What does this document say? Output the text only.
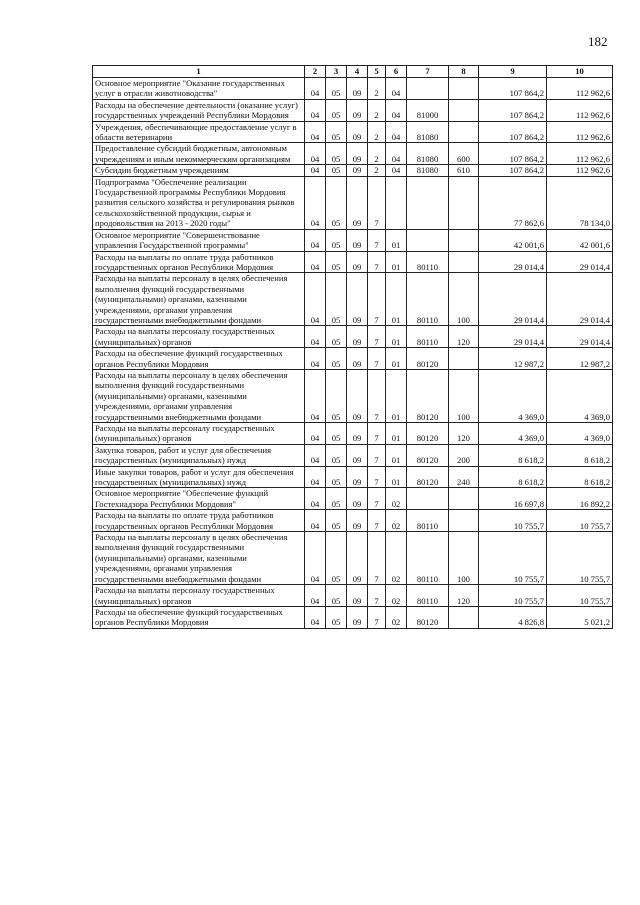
182
1	2	3	4	5	6	7	8	9	10
Основное мероприятие "Оказание государственных услуг в отрасли животноводства"	04	05	09	2	04			107 864,2	112 962,6
Расходы на обеспечение деятельности (оказание услуг) государственных учреждений Республики Мордовия	04	05	09	2	04	81000		107 864,2	112 962,6
Учреждения, обеспечивающие предоставление услуг в области ветеринарии	04	05	09	2	04	81080		107 864,2	112 962,6
Предоставление субсидий бюджетным, автономным учреждениям и иным некоммерческим организациям	04	05	09	2	04	81080	600	107 864,2	112 962,6
Субсидии бюджетным учреждениям	04	05	09	2	04	81080	610	107 864,2	112 962,6
Подпрограмма "Обеспечение реализации Государственной программы Республики Мордовия развития сельского хозяйства и регулирования рынков сельскохозяйственной продукции, сырья и продовольствия на 2013 - 2020 годы"	04	05	09	7				77 862,6	78 134,0
Основное мероприятие "Совершенствование управления Государственной программы"	04	05	09	7	01			42 001,6	42 001,6
Расходы на выплаты по оплате труда работников государственных органов Республики Мордовия	04	05	09	7	01	80110		29 014,4	29 014,4
Расходы на выплаты персоналу в целях обеспечения выполнения функций государственными (муниципальными) органами, казенными учреждениями, органами управления государственными внебюджетными фондами	04	05	09	7	01	80110	100	29 014,4	29 014,4
Расходы на выплаты персоналу государственных (муниципальных) органов	04	05	09	7	01	80110	120	29 014,4	29 014,4
Расходы на обеспечение функций государственных органов Республики Мордовия	04	05	09	7	01	80120		12 987,2	12 987,2
Расходы на выплаты персоналу в целях обеспечения выполнения функций государственными (муниципальными) органами, казенными учреждениями, органами управления государственными внебюджетными фондами	04	05	09	7	01	80120	100	4 369,0	4 369,0
Расходы на выплаты персоналу государственных (муниципальных) органов	04	05	09	7	01	80120	120	4 369,0	4 369,0
Закупка товаров, работ и услуг для обеспечения государственных (муниципальных) нужд	04	05	09	7	01	80120	200	8 618,2	8 618,2
Иные закупки товаров, работ и услуг для обеспечения государственных (муниципальных) нужд	04	05	09	7	01	80120	240	8 618,2	8 618,2
Основное мероприятие "Обеспечение функций Гостехнадзора Республики Мордовия"	04	05	09	7	02			16 697,8	16 892,2
Расходы на выплаты по оплате труда работников государственных органов Республики Мордовия	04	05	09	7	02	80110		10 755,7	10 755,7
Расходы на выплаты персоналу в целях обеспечения выполнения функций государственными (муниципальными) органами, казенными учреждениями, органами управления государственными внебюджетными фондами	04	05	09	7	02	80110	100	10 755,7	10 755,7
Расходы на выплаты персоналу государственных (муниципальных) органов	04	05	09	7	02	80110	120	10 755,7	10 755,7
Расходы на обеспечение функций государственных органов Республики Мордовия	04	05	09	7	02	80120		4 826,8	5 021,2
